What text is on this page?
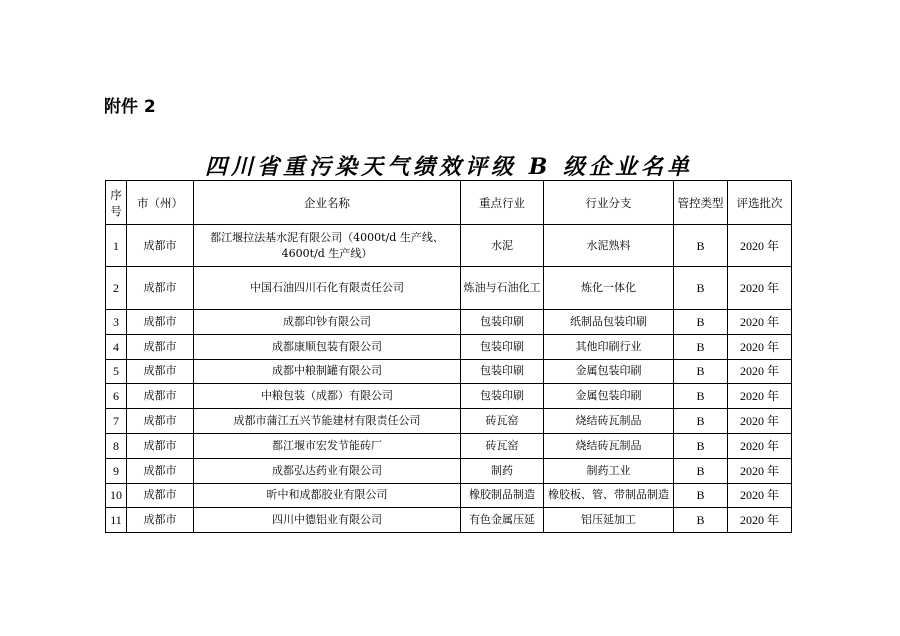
附件 2
四川省重污染天气绩效评级 B 级企业名单
序号	市（州）	企业名称	重点行业	行业分支	管控类型	评选批次
1	成都市	都江堰拉法基水泥有限公司（4000t/d 生产线、4600t/d 生产线）	水泥	水泥熟料	B	2020 年
2	成都市	中国石油四川石化有限责任公司	炼油与石油化工	炼化一体化	B	2020 年
3	成都市	成都印钞有限公司	包装印刷	纸制品包装印刷	B	2020 年
4	成都市	成都康顺包装有限公司	包装印刷	其他印刷行业	B	2020 年
5	成都市	成都中粮制罐有限公司	包装印刷	金属包装印刷	B	2020 年
6	成都市	中粮包装（成都）有限公司	包装印刷	金属包装印刷	B	2020 年
7	成都市	成都市蒲江五兴节能建材有限责任公司	砖瓦窑	烧结砖瓦制品	B	2020 年
8	成都市	都江堰市宏发节能砖厂	砖瓦窑	烧结砖瓦制品	B	2020 年
9	成都市	成都弘达药业有限公司	制药	制药工业	B	2020 年
10	成都市	昕中和成都胶业有限公司	橡胶制品制造	橡胶板、管、带制品制造	B	2020 年
11	成都市	四川中德铝业有限公司	有色金属压延	铝压延加工	B	2020 年
